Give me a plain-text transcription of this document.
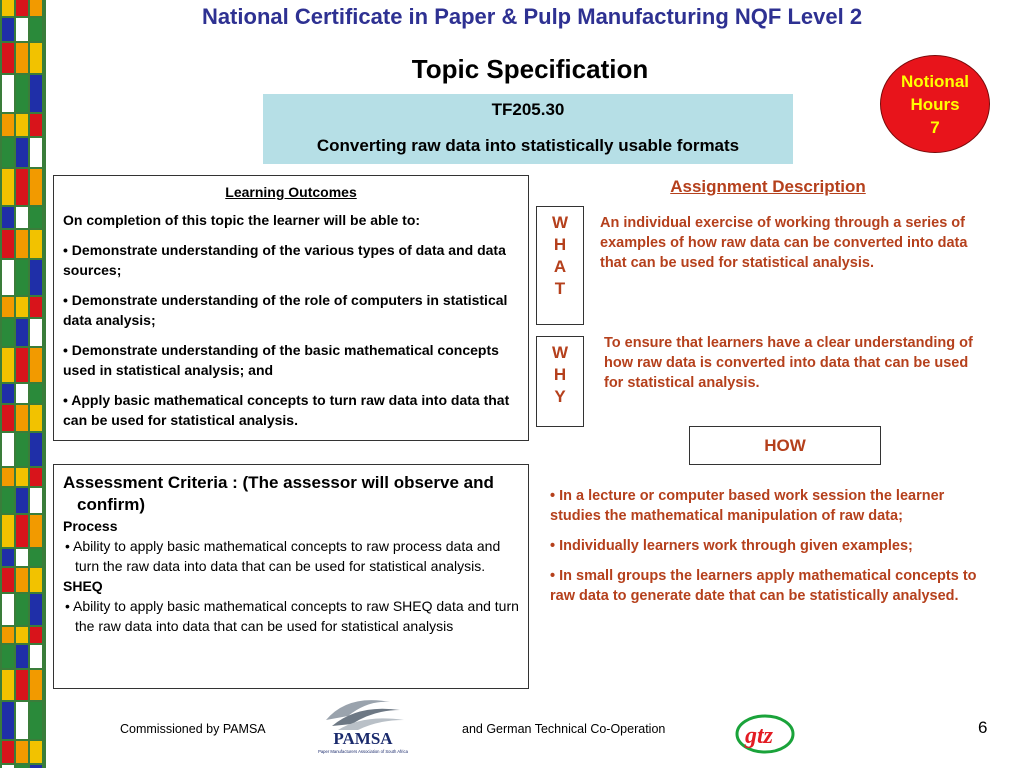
National Certificate in Paper & Pulp Manufacturing NQF Level 2
Topic Specification	Notional
Hours
7
TF205.30
Converting raw data into statistically usable formats
Learning Outcomes
On completion of this topic the learner will be able to:
• Demonstrate understanding of the various types of data and data sources;
• Demonstrate understanding of the role of computers in statistical data analysis;
• Demonstrate understanding of the basic mathematical concepts used in statistical analysis; and
• Apply basic mathematical concepts to turn raw data into data that can be used for statistical analysis.
Assessment Criteria : (The assessor will observe and confirm)
Process
• Ability to apply basic mathematical concepts to raw process data and turn the raw data into data that can be used for statistical analysis.
SHEQ
• Ability to apply basic mathematical concepts to raw SHEQ data and turn the raw data into data that can be used for statistical analysis
Assignment Description
W
H
A
T
An individual exercise of working through a series of examples of how raw data can be converted into data that can be used for statistical analysis.
W
H
Y
To ensure that learners have a clear understanding of how raw data is converted into data that can be used for statistical analysis.
HOW
• In a lecture or computer based work session the learner studies the mathematical manipulation of raw data;
• Individually learners work through given examples;
• In small groups the learners apply mathematical concepts to raw data to generate date that can be statistically analysed.
Commissioned by PAMSA	PAMSA
Paper Manufacturers Association of South Africa
and German Technical Co-Operation	gtz	6
